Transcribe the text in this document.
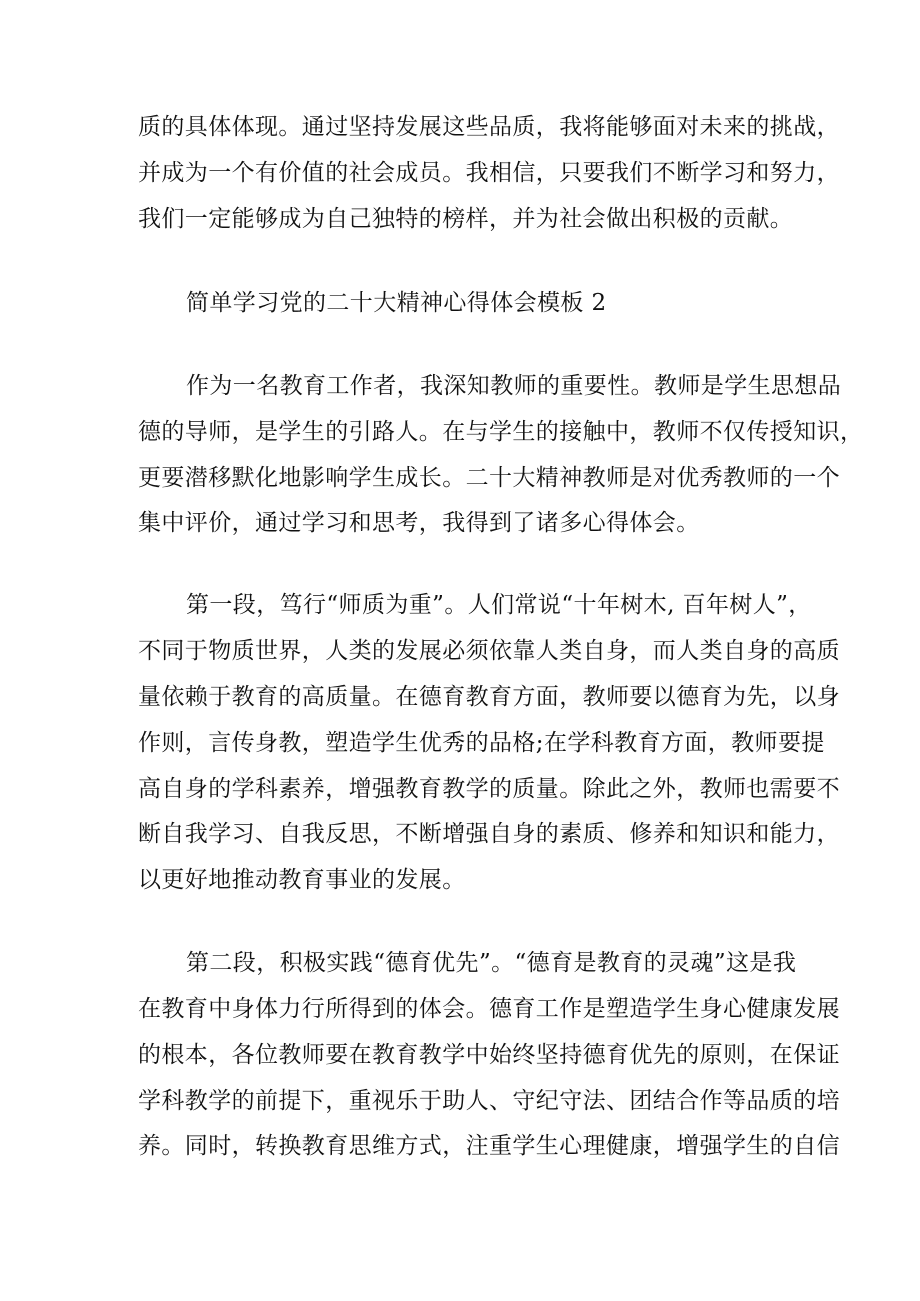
质的具体体现。通过坚持发展这些品质，我将能够面对未来的挑战，
并成为一个有价值的社会成员。我相信，只要我们不断学习和努力，
我们一定能够成为自己独特的榜样，并为社会做出积极的贡献。
简单学习党的二十大精神心得体会模板 2
作为一名教育工作者，我深知教师的重要性。教师是学生思想品
德的导师，是学生的引路人。在与学生的接触中，教师不仅传授知识，
更要潜移默化地影响学生成长。二十大精神教师是对优秀教师的一个
集中评价，通过学习和思考，我得到了诸多心得体会。
第一段，笃行“师质为重”。人们常说“十年树木, 百年树人”，
不同于物质世界，人类的发展必须依靠人类自身，而人类自身的高质
量依赖于教育的高质量。在德育教育方面，教师要以德育为先，以身
作则，言传身教，塑造学生优秀的品格;在学科教育方面，教师要提
高自身的学科素养，增强教育教学的质量。除此之外，教师也需要不
断自我学习、自我反思，不断增强自身的素质、修养和知识和能力，
以更好地推动教育事业的发展。
第二段，积极实践“德育优先”。“德育是教育的灵魂”这是我
在教育中身体力行所得到的体会。德育工作是塑造学生身心健康发展
的根本，各位教师要在教育教学中始终坚持德育优先的原则，在保证
学科教学的前提下，重视乐于助人、守纪守法、团结合作等品质的培
养。同时，转换教育思维方式，注重学生心理健康，增强学生的自信
